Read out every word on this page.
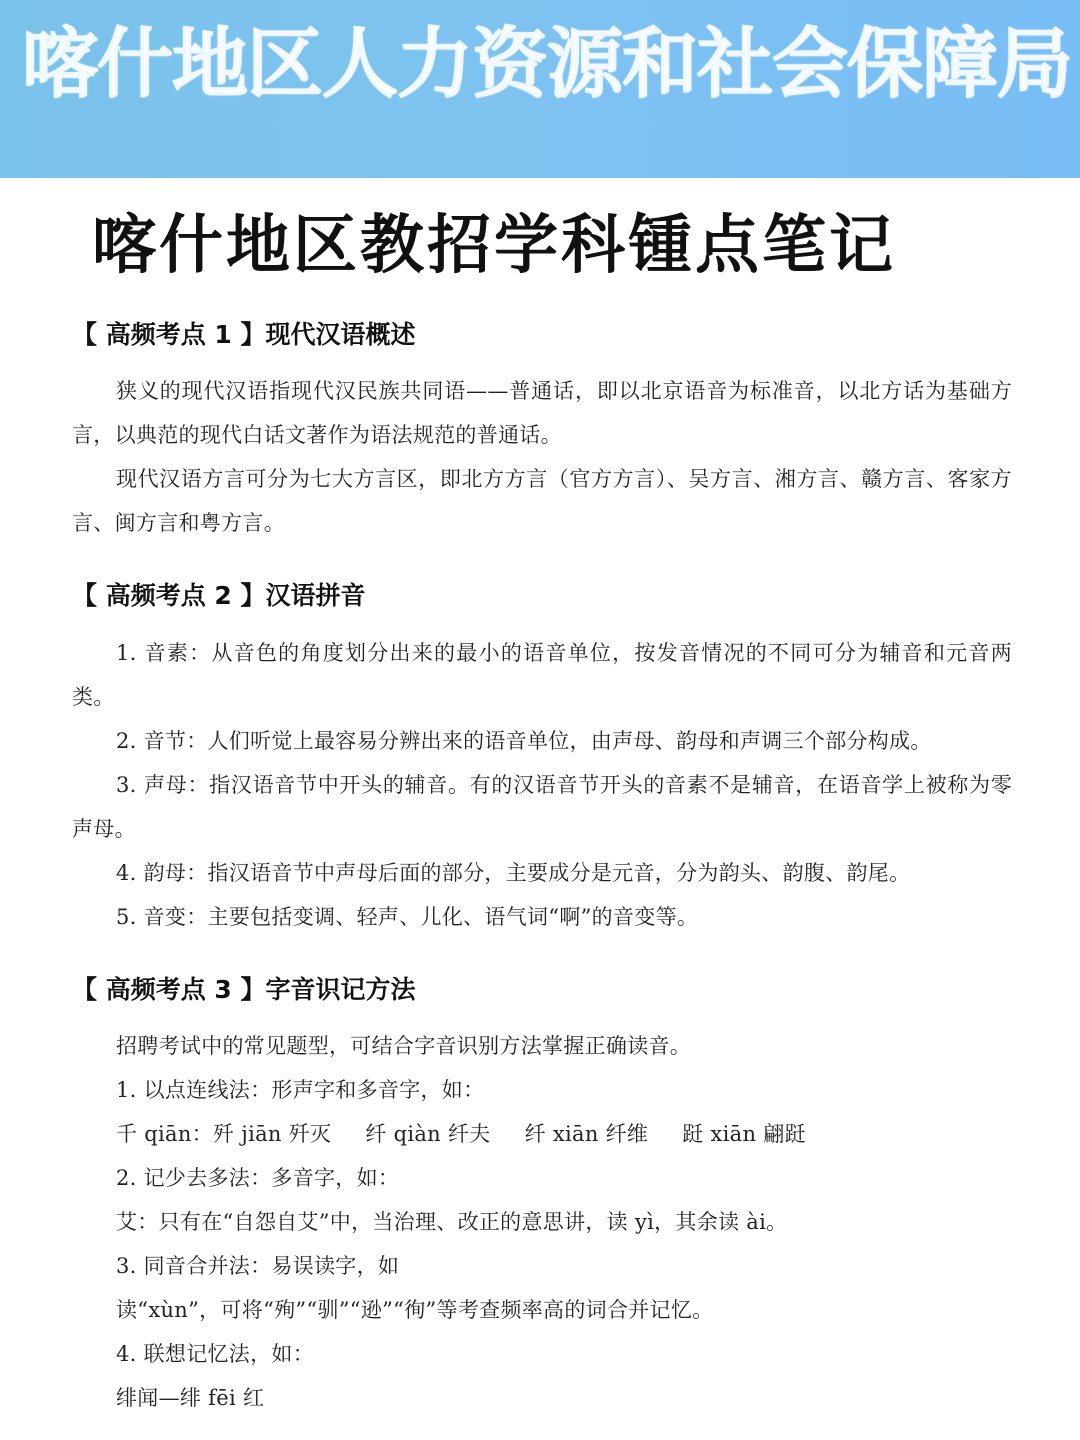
喀什地区人力资源和社会保障局
喀什地区教招学科锺点笔记
【 高频考点 1 】现代汉语概述
狭义的现代汉语指现代汉民族共同语——普通话，即以北京语音为标准音，以北方话为基础方言，以典范的现代白话文著作为语法规范的普通话。
现代汉语方言可分为七大方言区，即北方方言（官方方言）、吴方言、湘方言、赣方言、客家方言、闽方言和粤方言。
【 高频考点 2 】汉语拼音
1. 音素：从音色的角度划分出来的最小的语音单位，按发音情况的不同可分为辅音和元音两类。
2. 音节：人们听觉上最容易分辨出来的语音单位，由声母、韵母和声调三个部分构成。
3. 声母：指汉语音节中开头的辅音。有的汉语音节开头的音素不是辅音，在语音学上被称为零声母。
4. 韵母：指汉语音节中声母后面的部分，主要成分是元音，分为韵头、韵腹、韵尾。
5. 音变：主要包括变调、轻声、儿化、语气词“啊”的音变等。
【 高频考点 3 】字音识记方法
招聘考试中的常见题型，可结合字音识别方法掌握正确读音。
1. 以点连线法：形声字和多音字，如：
千 qiān：歼 jiān 歼灭 纤 qiàn 纤夫 纤 xiān 纤维 跹 xiān 翩跹
2. 记少去多法：多音字，如：
艾：只有在“自怨自艾”中，当治理、改正的意思讲，读 yì，其余读 ài。
3. 同音合并法：易误读字，如
读“xùn”，可将“殉”“驯”“逊”“徇”等考查频率高的词合并记忆。
4. 联想记忆法，如：
绯闻—绯 fēi 红
